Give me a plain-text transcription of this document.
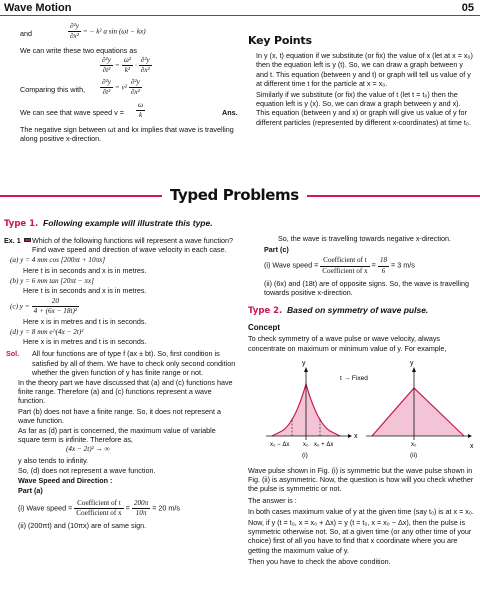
Wave Motion	05
and	$\frac{\text{∂²y}}{\text{∂x²}}$ = − k² a sin (ωt − kx)
We can write these two equations as
$\frac{\text{∂²y}}{\text{∂t²}} = \frac{\text{ω²}}{\text{k²}} \cdot \frac{\text{∂²y}}{\text{∂x²}}$
Comparing this with, $\frac{\text{∂²y}}{\text{∂t²}} = v^2 \frac{\text{∂²y}}{\text{∂x²}}$
We can see that wave speed $v = \frac{\omega}{k}$	Ans.
The negative sign between ωt and kx implies that wave is travelling along positive x-direction.
Key Points
In y (x, t) equation if we substitute (or fix) the value of x (let at x = x₀) then the equation left is y (t). So, we can draw a graph between y and t. This equation (between y and t) or graph will tell us value of y at different time t for the particle at x = x₀.
Similarly if we substitute (or fix) the value of t (let t = t₀) then the equation left is y (x). So, we can draw a graph between y and x). This equation (between y and x) or graph will give us value of y for different particles (represented by different x-coordinates) at time t₀.
Typed Problems
Type 1. Following example will illustrate this type.
Ex. 1 Which of the following functions will represent a wave function? Find wave speed and direction of wave velocity in each case.
(a) y = 4 mm cos [200πt + 10πx]
Here t is in seconds and x is in metres.
(b) y = 6 mm tan [20πt − πx]
Here t is in seconds and x is in metres.
(c) $y = \frac{20}{\text{4 + (6x − 18t)²}}$
Here x is in metres and t is in seconds.
(d) y = 8 mm e^(4x − 2t)²
Here x is in metres and t is in seconds.
Sol. All four functions are of type f (ax ± bt). So, first condition is satisfied by all of them. We have to check only second condition whether the given function of y has finite range or not.
In the theory part we have discussed that (a) and (c) functions have finite range. Therefore (a) and (c) functions represent a wave function.
Part (b) does not have a finite range. So, it does not represent a wave function.
As far as (d) part is concerned, the maximum value of variable square term is infinite. Therefore as,
(4x − 2t)² → ∞
y also tends to infinity.
So, (d) does not represent a wave function.
Wave Speed and Direction :
Part (a)
(i) Wave speed = $\frac{\text{Coefficient of t}}{\text{Coefficient of x}} = \frac{200\pi}{10\pi} = 20$ m/s
(ii) (200πt) and (10πx) are of same sign.
So, the wave is travelling towards negative x-direction.
Part (c)
(i) Wave speed = $\frac{\text{Coefficient of t}}{\text{Coefficient of x}} = \frac{18}{6} = 3$ m/s
(ii) (6x) and (18t) are of opposite signs. So, the wave is travelling towards positive x-direction.
Type 2. Based on symmetry of wave pulse.
Concept
To check symmetry of a wave pulse or wave velocity, always concentrate on maximum or minimum value of y. For example,
y
x
x₀ − Δx x₀ x₀ + Δx
(i)
t → Fixed
y
x
x₀
(ii)
Wave pulse shown in Fig. (i) is symmetric but the wave pulse shown in Fig. (ii) is asymmetric. Now, the question is how will you check whether the pulse is symmetric or not.
The answer is :
In both cases maximum value of y at the given time (say t₀) is at x = x₀.
Now, if y (t = t₀, x = x₀ + Δx) = y (t = t₀, x = x₀ − Δx), then the pulse is symmetric otherwise not. So, at a given time (or any other time of your choice) first of all you have to find that x coordinate where you are getting the maximum value of y.
Then you have to check the above condition.
